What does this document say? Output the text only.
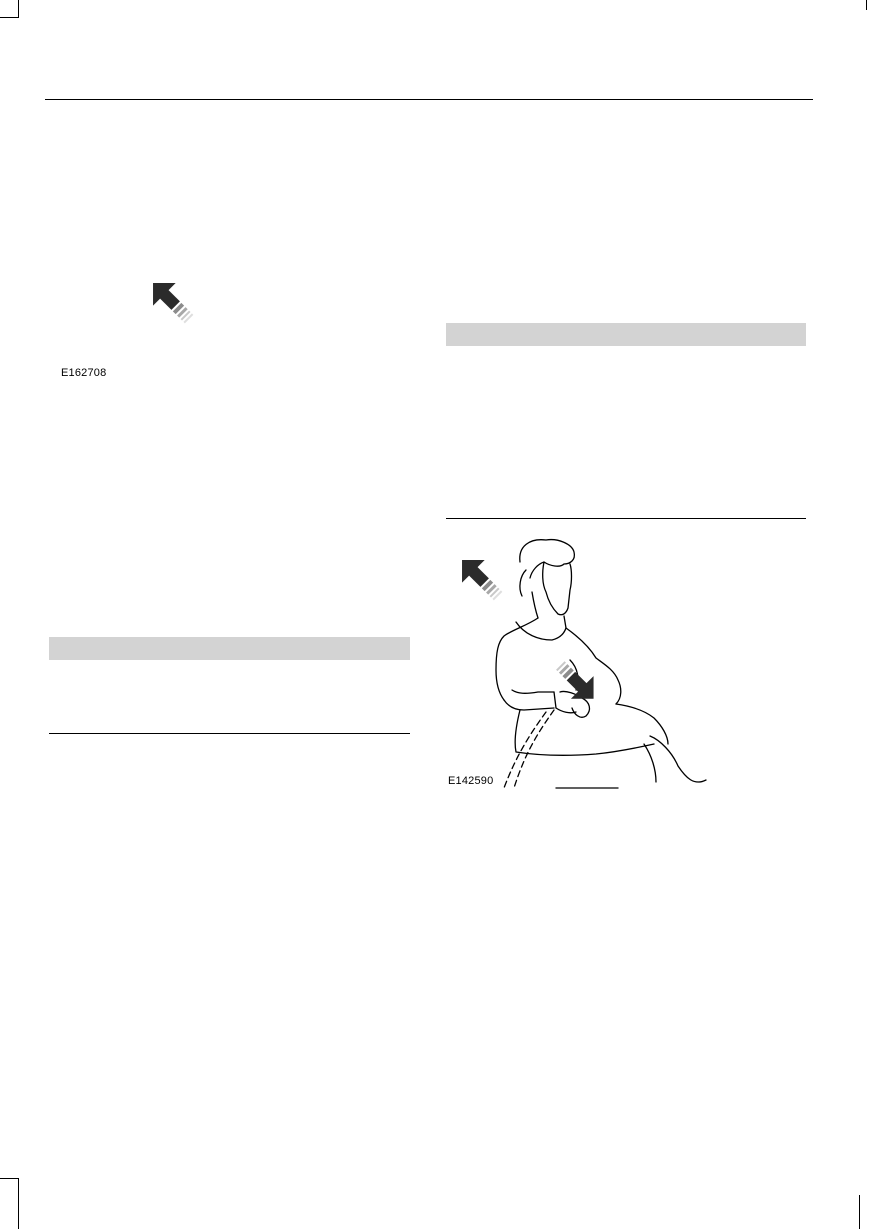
E162708
E142590
